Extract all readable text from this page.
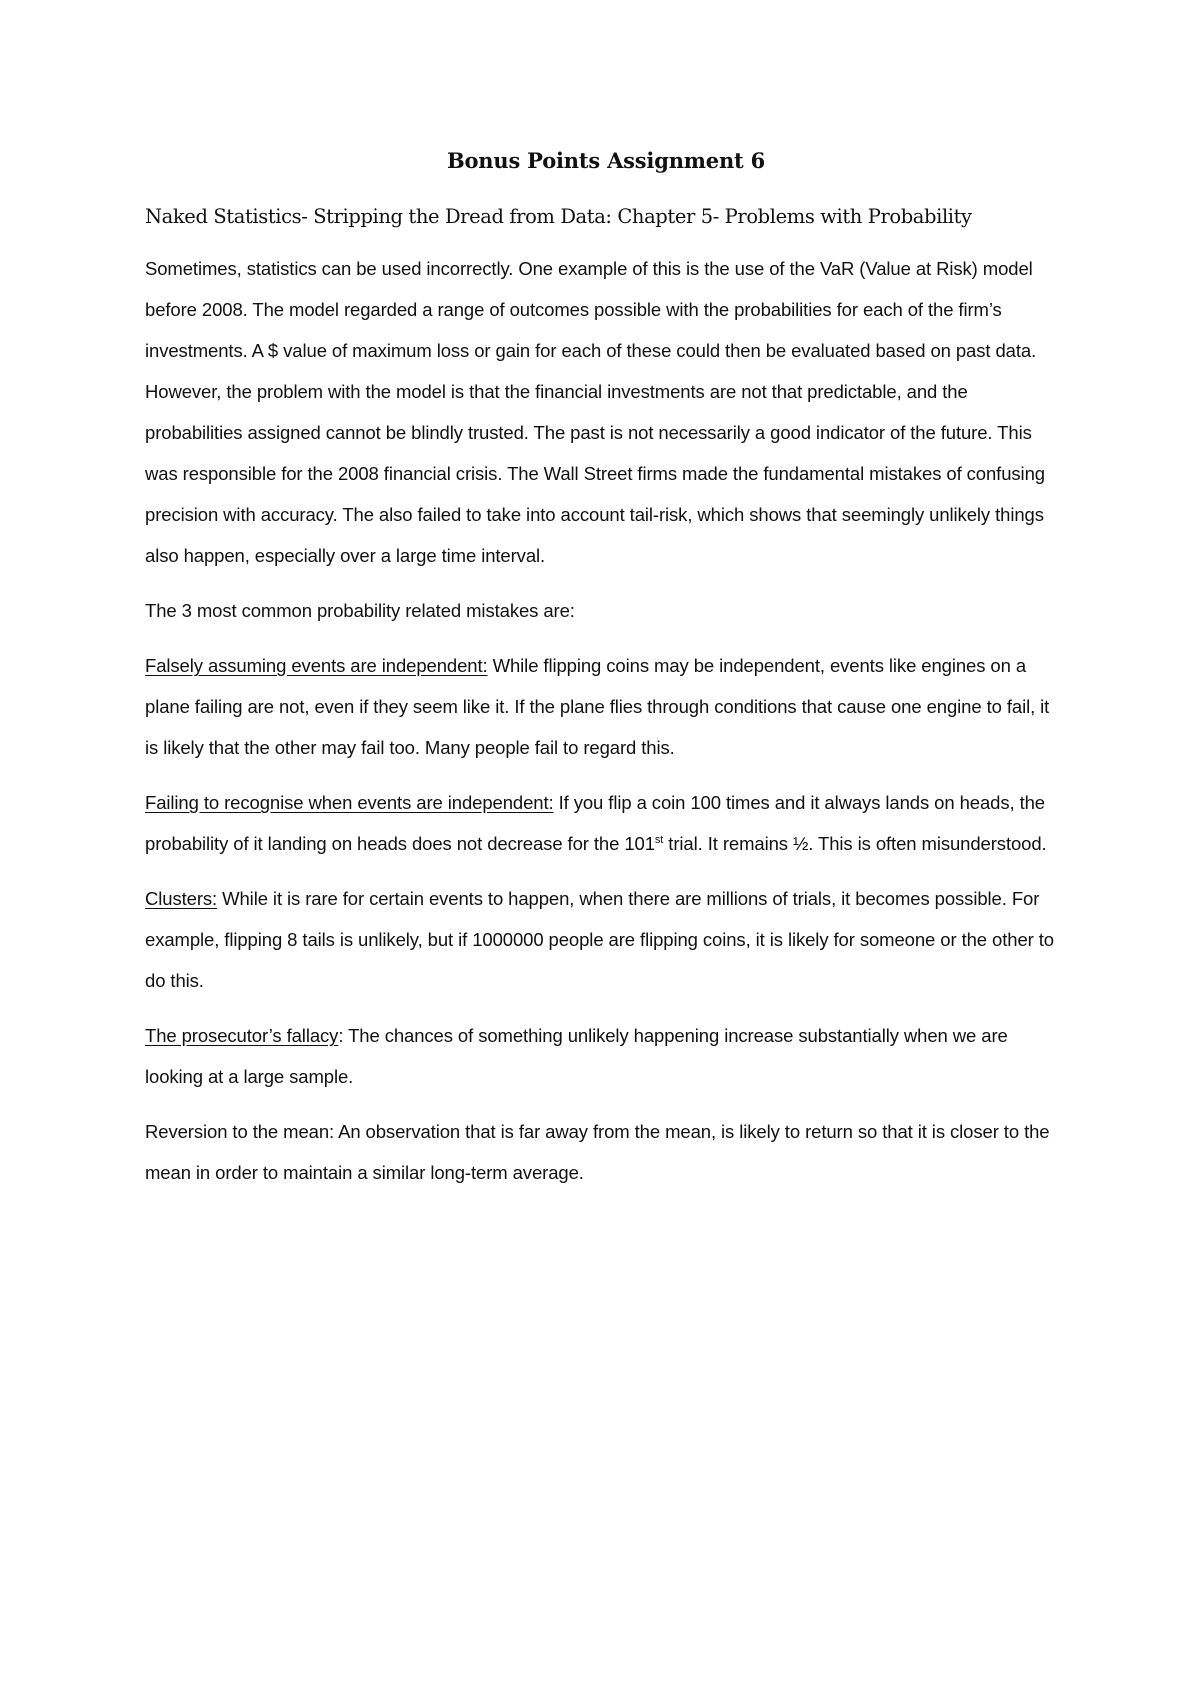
Bonus Points Assignment 6
Naked Statistics- Stripping the Dread from Data: Chapter 5- Problems with Probability

Sometimes, statistics can be used incorrectly. One example of this is the use of the VaR (Value at Risk) model before 2008. The model regarded a range of outcomes possible with the probabilities for each of the firm’s investments. A $ value of maximum loss or gain for each of these could then be evaluated based on past data. However, the problem with the model is that the financial investments are not that predictable, and the probabilities assigned cannot be blindly trusted. The past is not necessarily a good indicator of the future. This was responsible for the 2008 financial crisis. The Wall Street firms made the fundamental mistakes of confusing precision with accuracy. The also failed to take into account tail-risk, which shows that seemingly unlikely things also happen, especially over a large time interval.

The 3 most common probability related mistakes are:

Falsely assuming events are independent: While flipping coins may be independent, events like engines on a plane failing are not, even if they seem like it. If the plane flies through conditions that cause one engine to fail, it is likely that the other may fail too. Many people fail to regard this.

Failing to recognise when events are independent: If you flip a coin 100 times and it always lands on heads, the probability of it landing on heads does not decrease for the 101st trial. It remains ½. This is often misunderstood.

Clusters: While it is rare for certain events to happen, when there are millions of trials, it becomes possible. For example, flipping 8 tails is unlikely, but if 1000000 people are flipping coins, it is likely for someone or the other to do this.

The prosecutor’s fallacy: The chances of something unlikely happening increase substantially when we are looking at a large sample.

Reversion to the mean: An observation that is far away from the mean, is likely to return so that it is closer to the mean in order to maintain a similar long-term average.
